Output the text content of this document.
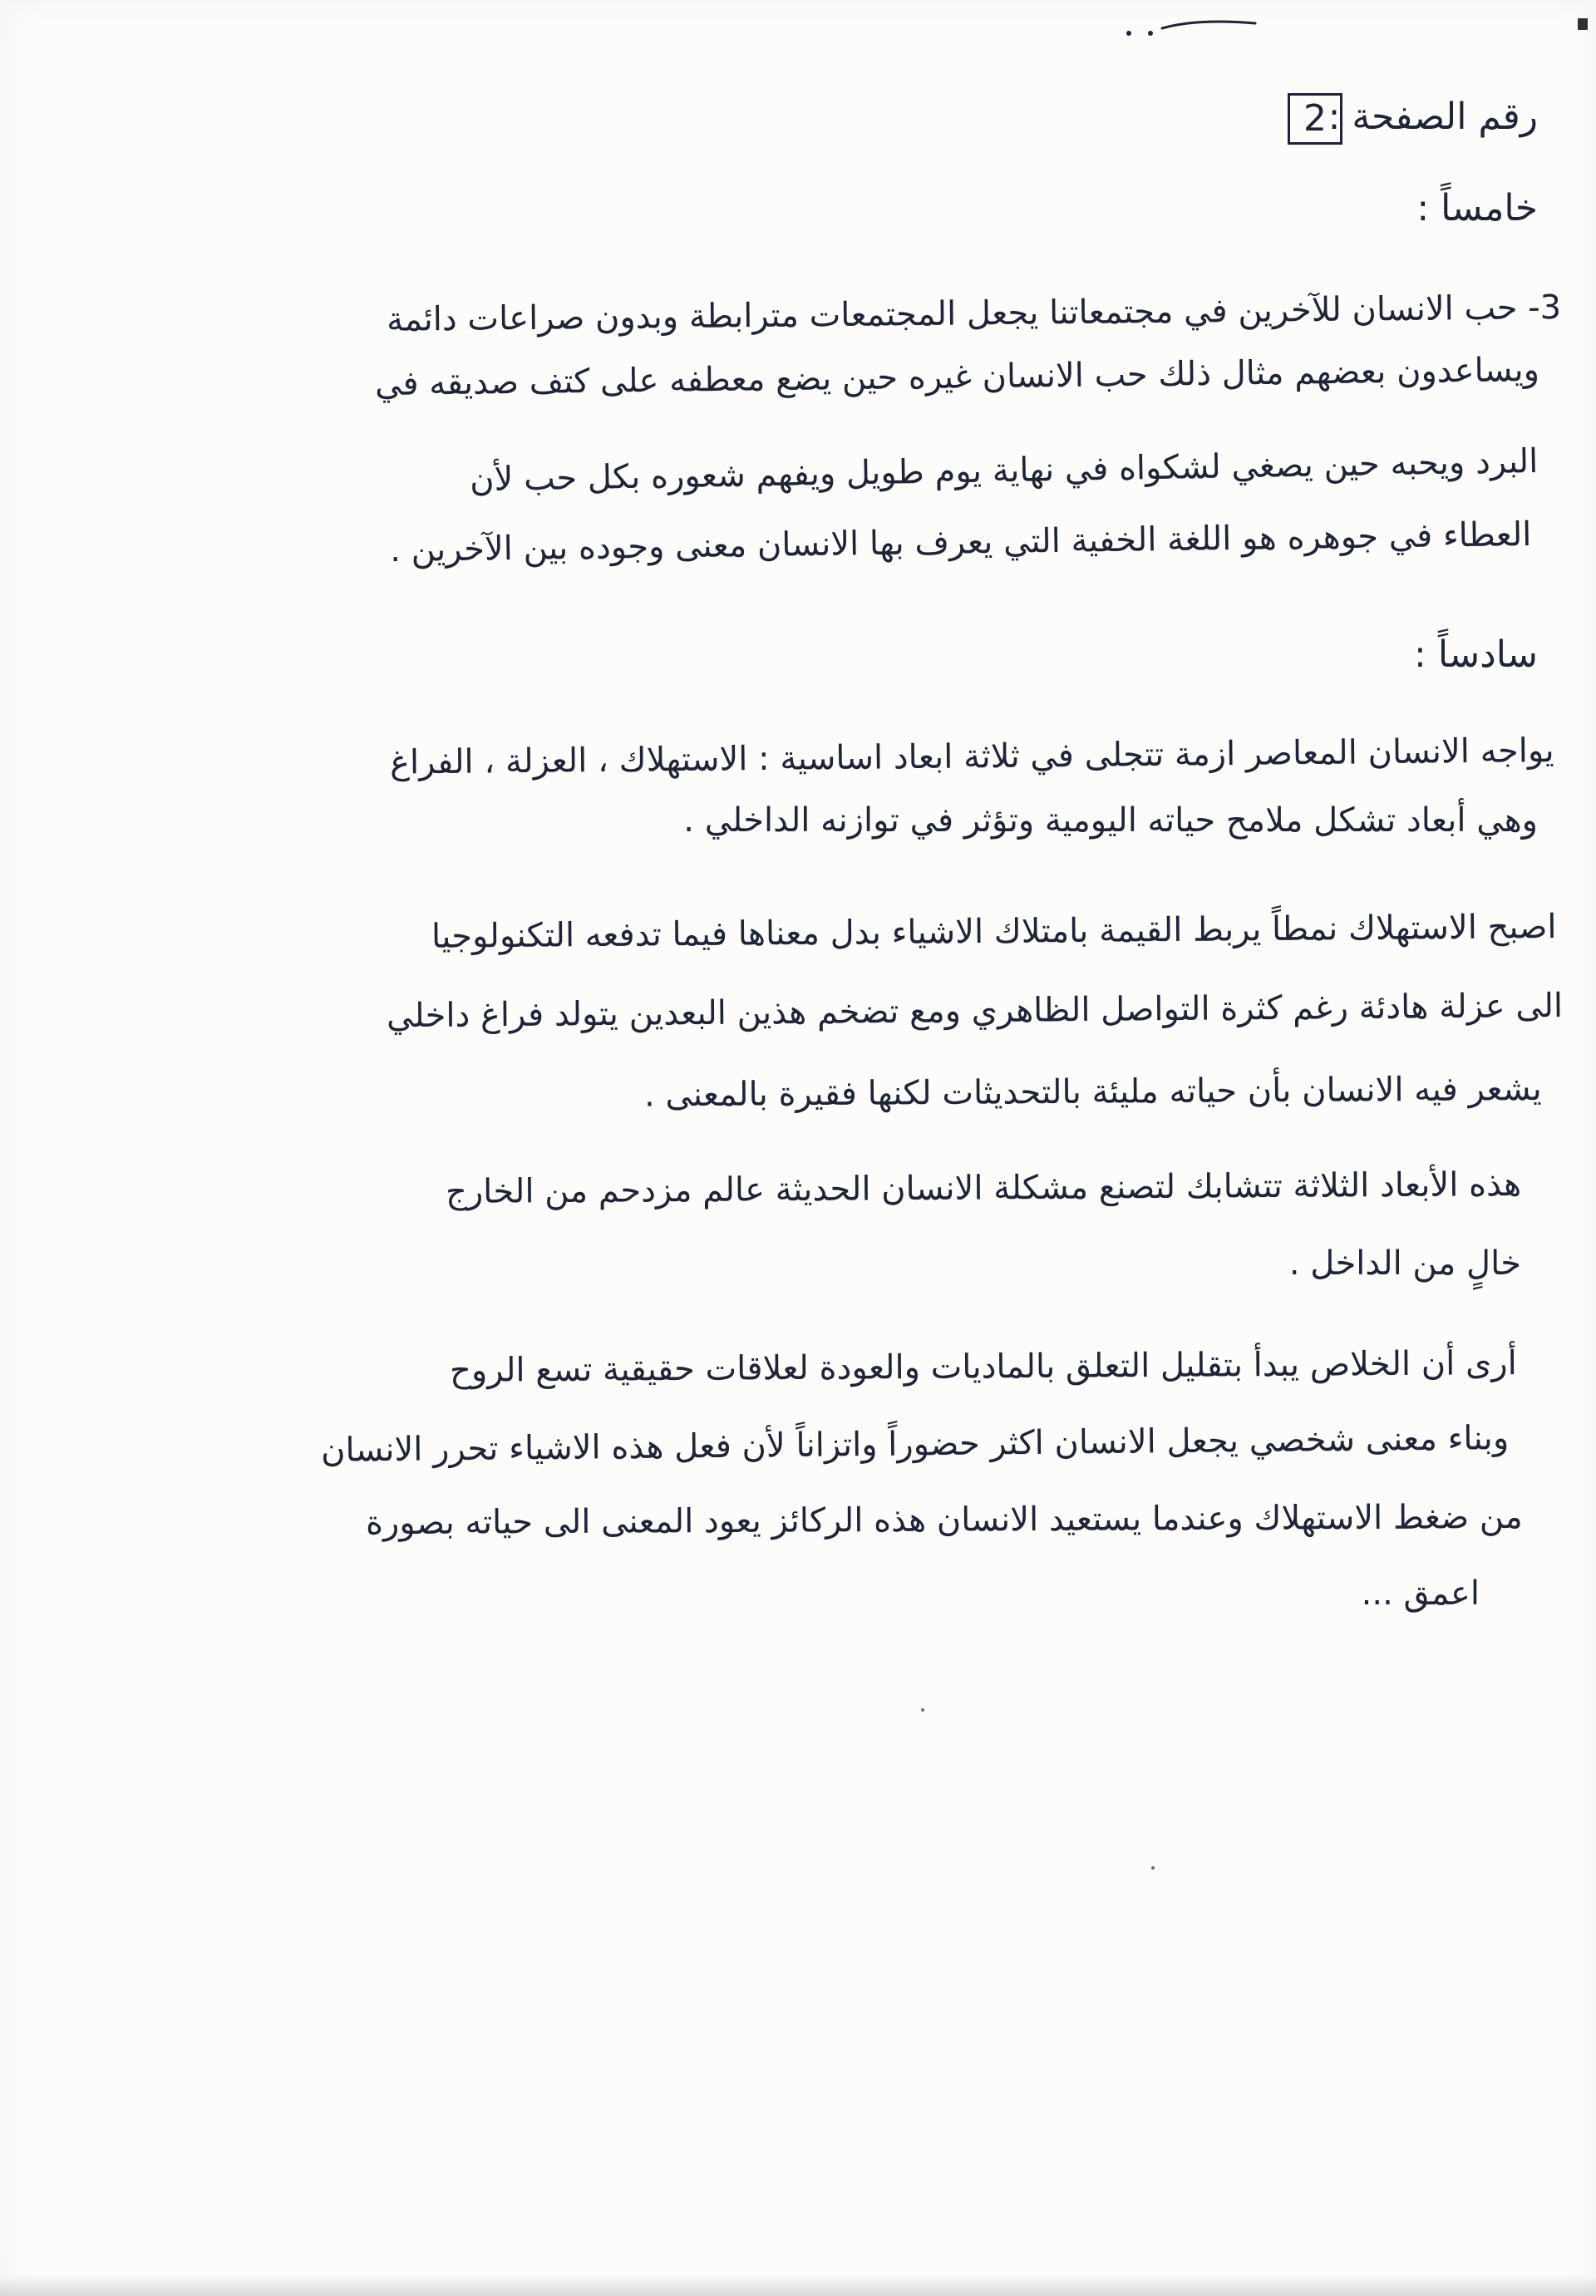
رقم الصفحة :
2
خامساً :
3- حب الانسان للآخرين في مجتمعاتنا يجعل المجتمعات مترابطة وبدون صراعات دائمة
ويساعدون بعضهم مثال ذلك حب الانسان غيره حين يضع معطفه على كتف صديقه في
البرد ويحبه حين يصغي لشكواه في نهاية يوم طويل ويفهم شعوره بكل حب لأن
العطاء في جوهره هو اللغة الخفية التي يعرف بها الانسان معنى وجوده بين الآخرين .
سادساً :
يواجه الانسان المعاصر ازمة تتجلى في ثلاثة ابعاد اساسية : الاستهلاك ، العزلة ، الفراغ
وهي أبعاد تشكل ملامح حياته اليومية وتؤثر في توازنه الداخلي .
اصبح الاستهلاك نمطاً يربط القيمة بامتلاك الاشياء بدل معناها فيما تدفعه التكنولوجيا
الى عزلة هادئة رغم كثرة التواصل الظاهري ومع تضخم هذين البعدين يتولد فراغ داخلي
يشعر فيه الانسان بأن حياته مليئة بالتحديثات لكنها فقيرة بالمعنى .
هذه الأبعاد الثلاثة تتشابك لتصنع مشكلة الانسان الحديثة عالم مزدحم من الخارج
خالٍ من الداخل .
أرى أن الخلاص يبدأ بتقليل التعلق بالماديات والعودة لعلاقات حقيقية تسع الروح
وبناء معنى شخصي يجعل الانسان اكثر حضوراً واتزاناً لأن فعل هذه الاشياء تحرر الانسان
من ضغط الاستهلاك وعندما يستعيد الانسان هذه الركائز يعود المعنى الى حياته بصورة
اعمق ...
